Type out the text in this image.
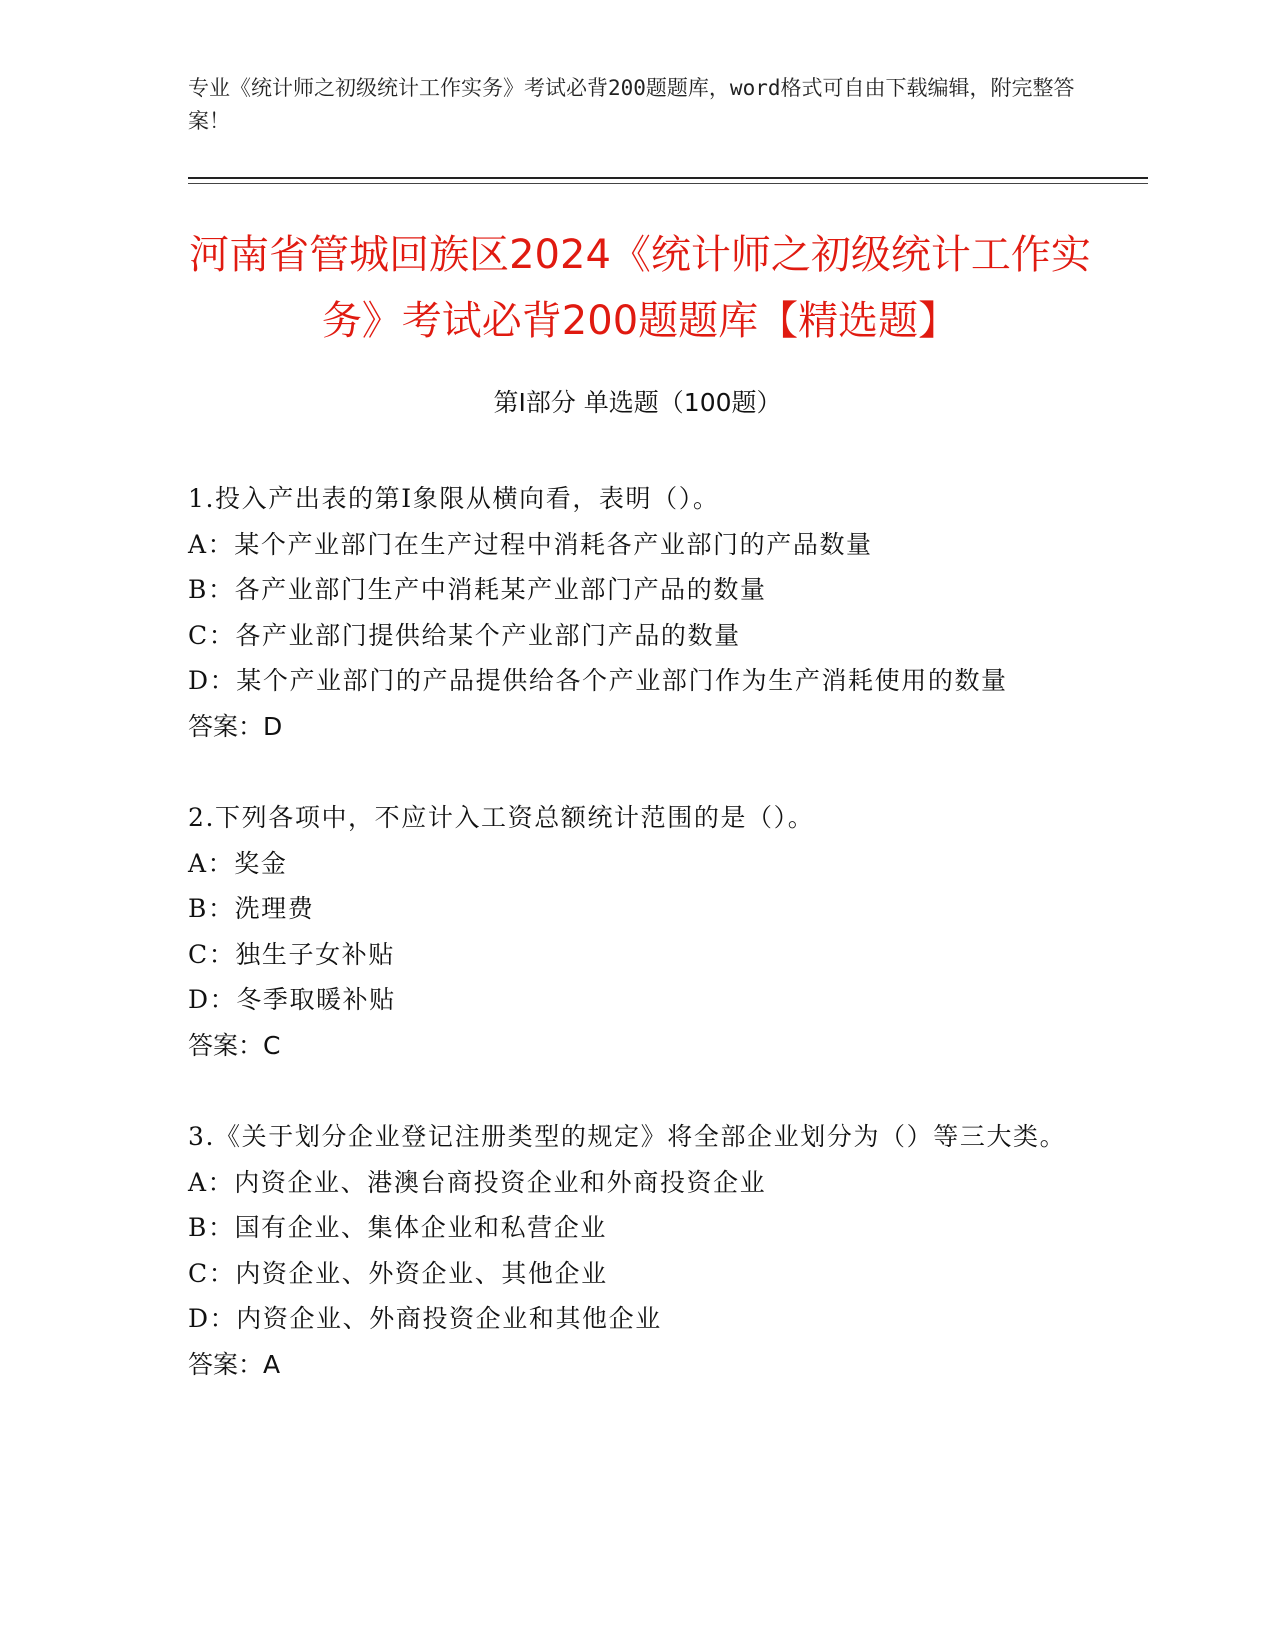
专业《统计师之初级统计工作实务》考试必背200题题库，word格式可自由下载编辑，附完整答案！
河南省管城回族区2024《统计师之初级统计工作实务》考试必背200题题库【精选题】
第I部分 单选题（100题）
1.投入产出表的第Ⅰ象限从横向看，表明（）。
A：某个产业部门在生产过程中消耗各产业部门的产品数量
B：各产业部门生产中消耗某产业部门产品的数量
C：各产业部门提供给某个产业部门产品的数量
D：某个产业部门的产品提供给各个产业部门作为生产消耗使用的数量
答案：D
2.下列各项中，不应计入工资总额统计范围的是（）。
A：奖金
B：洗理费
C：独生子女补贴
D：冬季取暖补贴
答案：C
3.《关于划分企业登记注册类型的规定》将全部企业划分为（）等三大类。
A：内资企业、港澳台商投资企业和外商投资企业
B：国有企业、集体企业和私营企业
C：内资企业、外资企业、其他企业
D：内资企业、外商投资企业和其他企业
答案：A
